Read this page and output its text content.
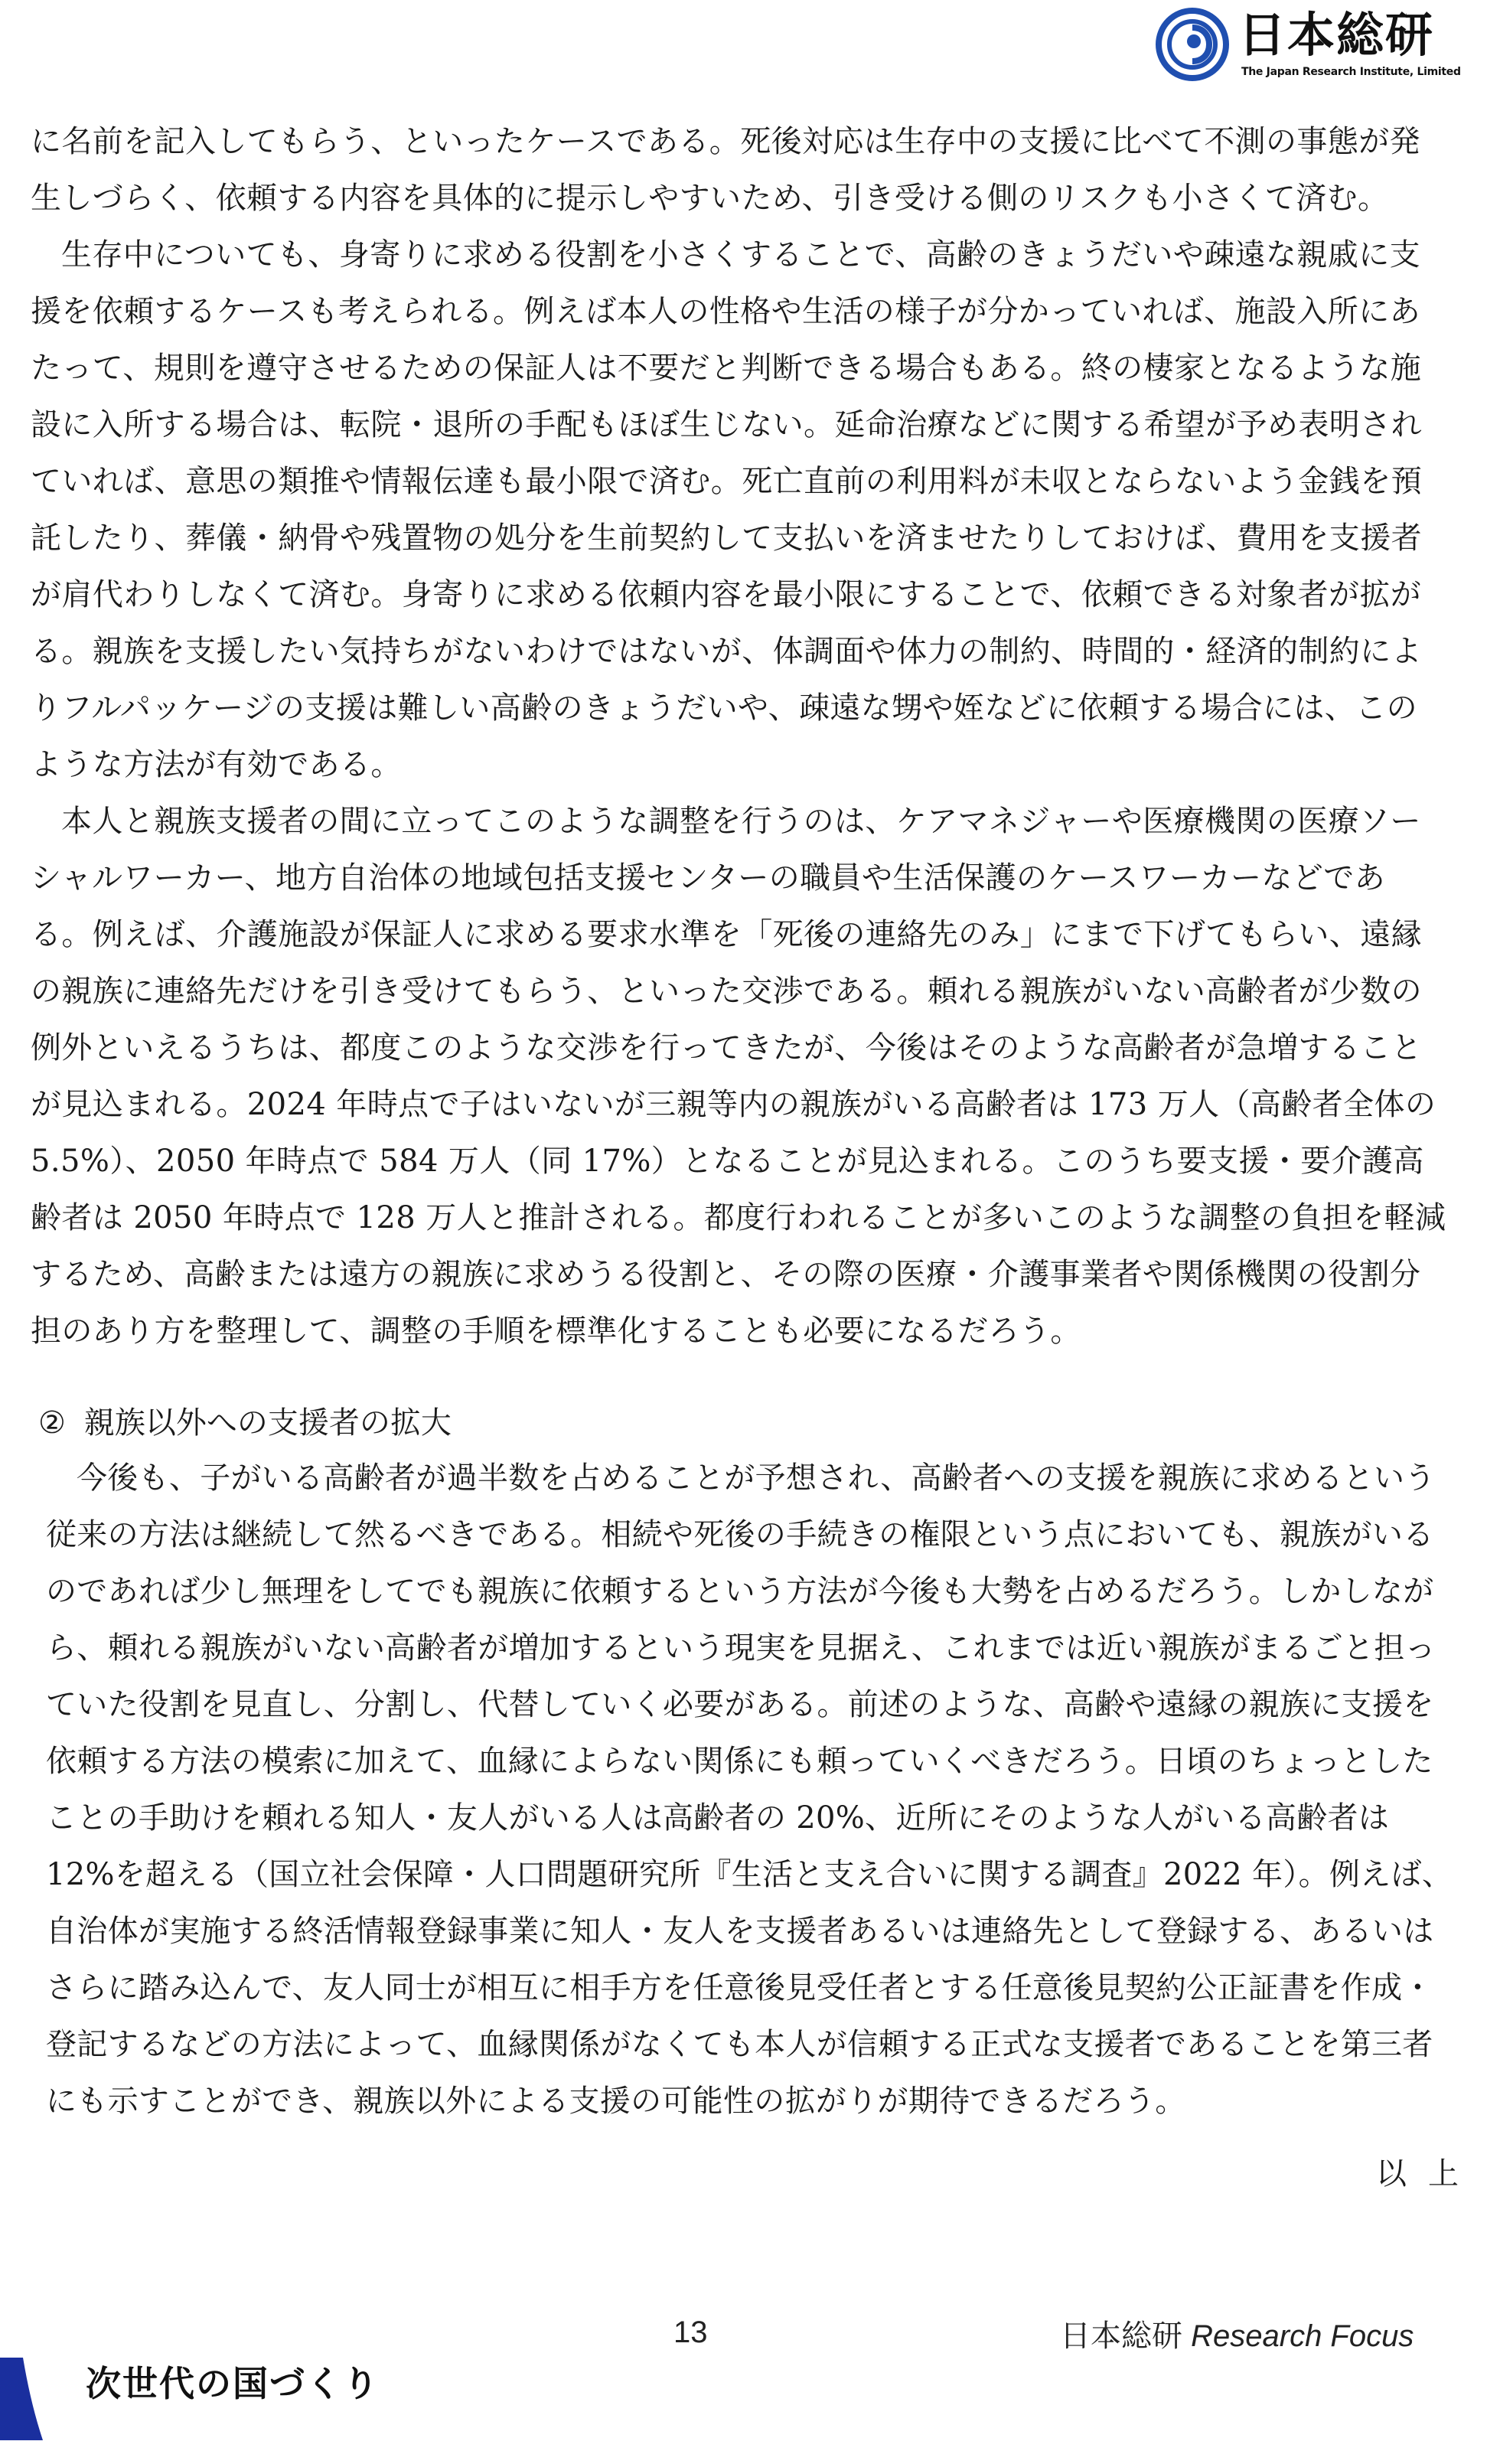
日本総研
The Japan Research Institute, Limited

に名前を記入してもらう、といったケースである。死後対応は生存中の支援に比べて不測の事態が発生しづらく、依頼する内容を具体的に提示しやすいため、引き受ける側のリスクも小さくて済む。

生存中についても、身寄りに求める役割を小さくすることで、高齢のきょうだいや疎遠な親戚に支援を依頼するケースも考えられる。例えば本人の性格や生活の様子が分かっていれば、施設入所にあたって、規則を遵守させるための保証人は不要だと判断できる場合もある。終の棲家となるような施設に入所する場合は、転院・退所の手配もほぼ生じない。延命治療などに関する希望が予め表明されていれば、意思の類推や情報伝達も最小限で済む。死亡直前の利用料が未収とならないよう金銭を預託したり、葬儀・納骨や残置物の処分を生前契約して支払いを済ませたりしておけば、費用を支援者が肩代わりしなくて済む。身寄りに求める依頼内容を最小限にすることで、依頼できる対象者が拡がる。親族を支援したい気持ちがないわけではないが、体調面や体力の制約、時間的・経済的制約によりフルパッケージの支援は難しい高齢のきょうだいや、疎遠な甥や姪などに依頼する場合には、このような方法が有効である。

本人と親族支援者の間に立ってこのような調整を行うのは、ケアマネジャーや医療機関の医療ソーシャルワーカー、地方自治体の地域包括支援センターの職員や生活保護のケースワーカーなどである。例えば、介護施設が保証人に求める要求水準を「死後の連絡先のみ」にまで下げてもらい、遠縁の親族に連絡先だけを引き受けてもらう、といった交渉である。頼れる親族がいない高齢者が少数の例外といえるうちは、都度このような交渉を行ってきたが、今後はそのような高齢者が急増することが見込まれる。2024 年時点で子はいないが三親等内の親族がいる高齢者は 173 万人（高齢者全体の 5.5%）、2050 年時点で 584 万人（同 17%）となることが見込まれる。このうち要支援・要介護高齢者は 2050 年時点で 128 万人と推計される。都度行われることが多いこのような調整の負担を軽減するため、高齢または遠方の親族に求めうる役割と、その際の医療・介護事業者や関係機関の役割分担のあり方を整理して、調整の手順を標準化することも必要になるだろう。

② 親族以外への支援者の拡大

今後も、子がいる高齢者が過半数を占めることが予想され、高齢者への支援を親族に求めるという従来の方法は継続して然るべきである。相続や死後の手続きの権限という点においても、親族がいるのであれば少し無理をしてでも親族に依頼するという方法が今後も大勢を占めるだろう。しかしながら、頼れる親族がいない高齢者が増加するという現実を見据え、これまでは近い親族がまるごと担っていた役割を見直し、分割し、代替していく必要がある。前述のような、高齢や遠縁の親族に支援を依頼する方法の模索に加えて、血縁によらない関係にも頼っていくべきだろう。日頃のちょっとしたことの手助けを頼れる知人・友人がいる人は高齢者の 20%、近所にそのような人がいる高齢者は 12%を超える（国立社会保障・人口問題研究所『生活と支え合いに関する調査』2022 年）。例えば、自治体が実施する終活情報登録事業に知人・友人を支援者あるいは連絡先として登録する、あるいはさらに踏み込んで、友人同士が相互に相手方を任意後見受任者とする任意後見契約公正証書を作成・登記するなどの方法によって、血縁関係がなくても本人が信頼する正式な支援者であることを第三者にも示すことができ、親族以外による支援の可能性の拡がりが期待できるだろう。

以 上
次世代の国づくり
13	日本総研 Research Focus
